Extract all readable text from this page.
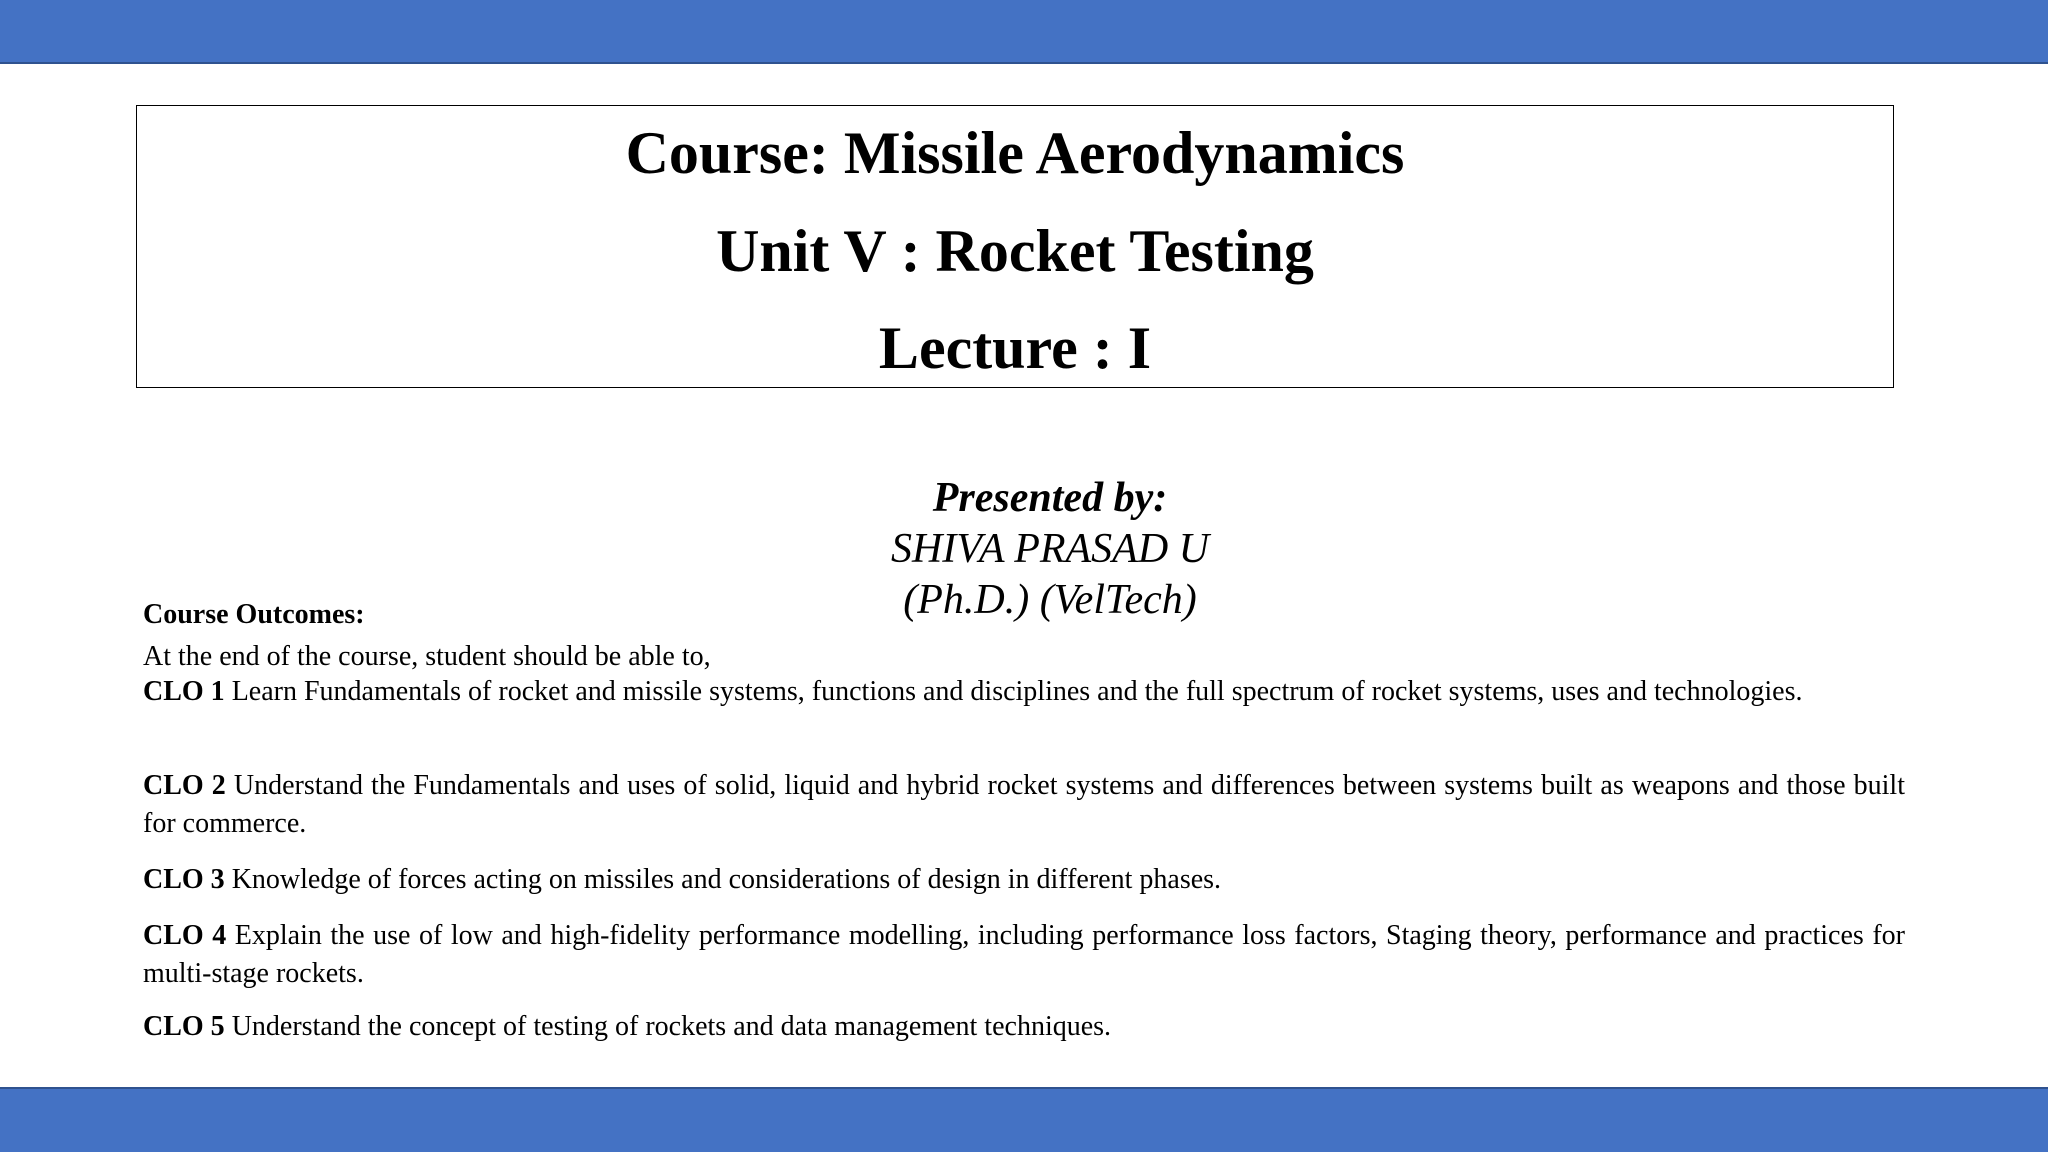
Course: Missile Aerodynamics
Unit V : Rocket Testing
Lecture : I
Presented by:
SHIVA PRASAD U
(Ph.D.) (VelTech)
Course Outcomes:
At the end of the course, student should be able to,
CLO 1 Learn Fundamentals of rocket and missile systems, functions and disciplines and the full spectrum of rocket systems, uses and technologies.
CLO 2 Understand the Fundamentals and uses of solid, liquid and hybrid rocket systems and differences between systems built as weapons and those built for commerce.
CLO 3 Knowledge of forces acting on missiles and considerations of design in different phases.
CLO 4 Explain the use of low and high-fidelity performance modelling, including performance loss factors, Staging theory, performance and practices for multi-stage rockets.
CLO 5 Understand the concept of testing of rockets and data management techniques.
